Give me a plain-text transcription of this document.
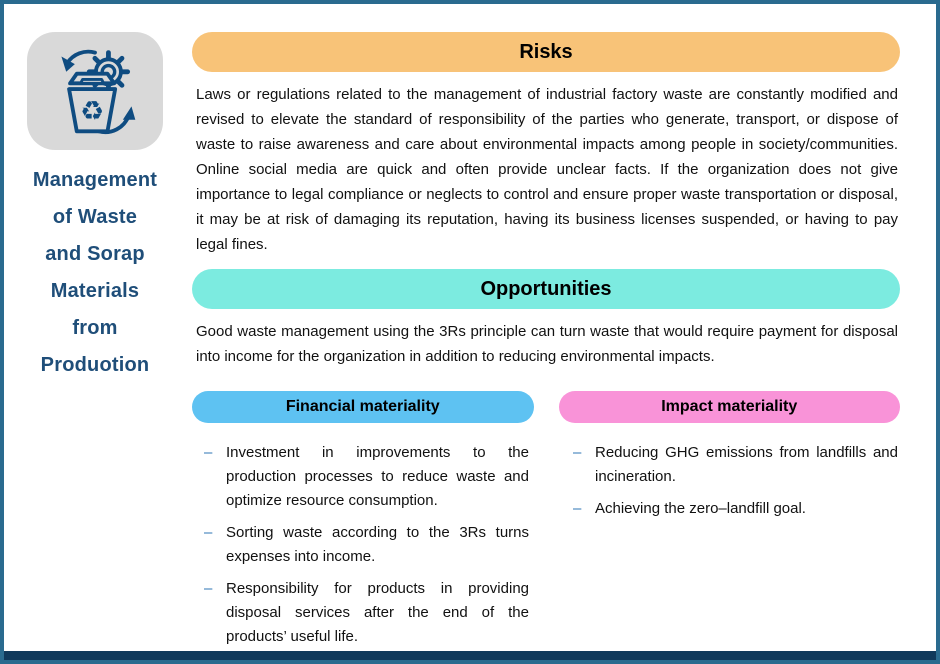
♻
Management
of Waste
and Sorap
Materials
from
Produotion
Risks

Laws or regulations related to the management of industrial factory waste are constantly modified and revised to elevate the standard of responsibility of the parties who generate, transport, or dispose of waste to raise awareness and care about environmental impacts among people in society/communities. Online social media are quick and often provide unclear facts. If the organization does not give importance to legal compliance or neglects to control and ensure proper waste transportation or disposal, it may be at risk of damaging its reputation, having its business licenses suspended, or having to pay legal fines.

Opportunities

Good waste management using the 3Rs principle can turn waste that would require payment for disposal into income for the organization in addition to reducing environmental impacts.

Financial materiality	Impact materiality
– Investment in improvements to the production processes to reduce waste and optimize resource consumption.
– Sorting waste according to the 3Rs turns expenses into income.
– Responsibility for products in providing disposal services after the end of the products’ useful life.
– Reducing GHG emissions from landfills and incineration.
– Achieving the zero–landfill goal.
